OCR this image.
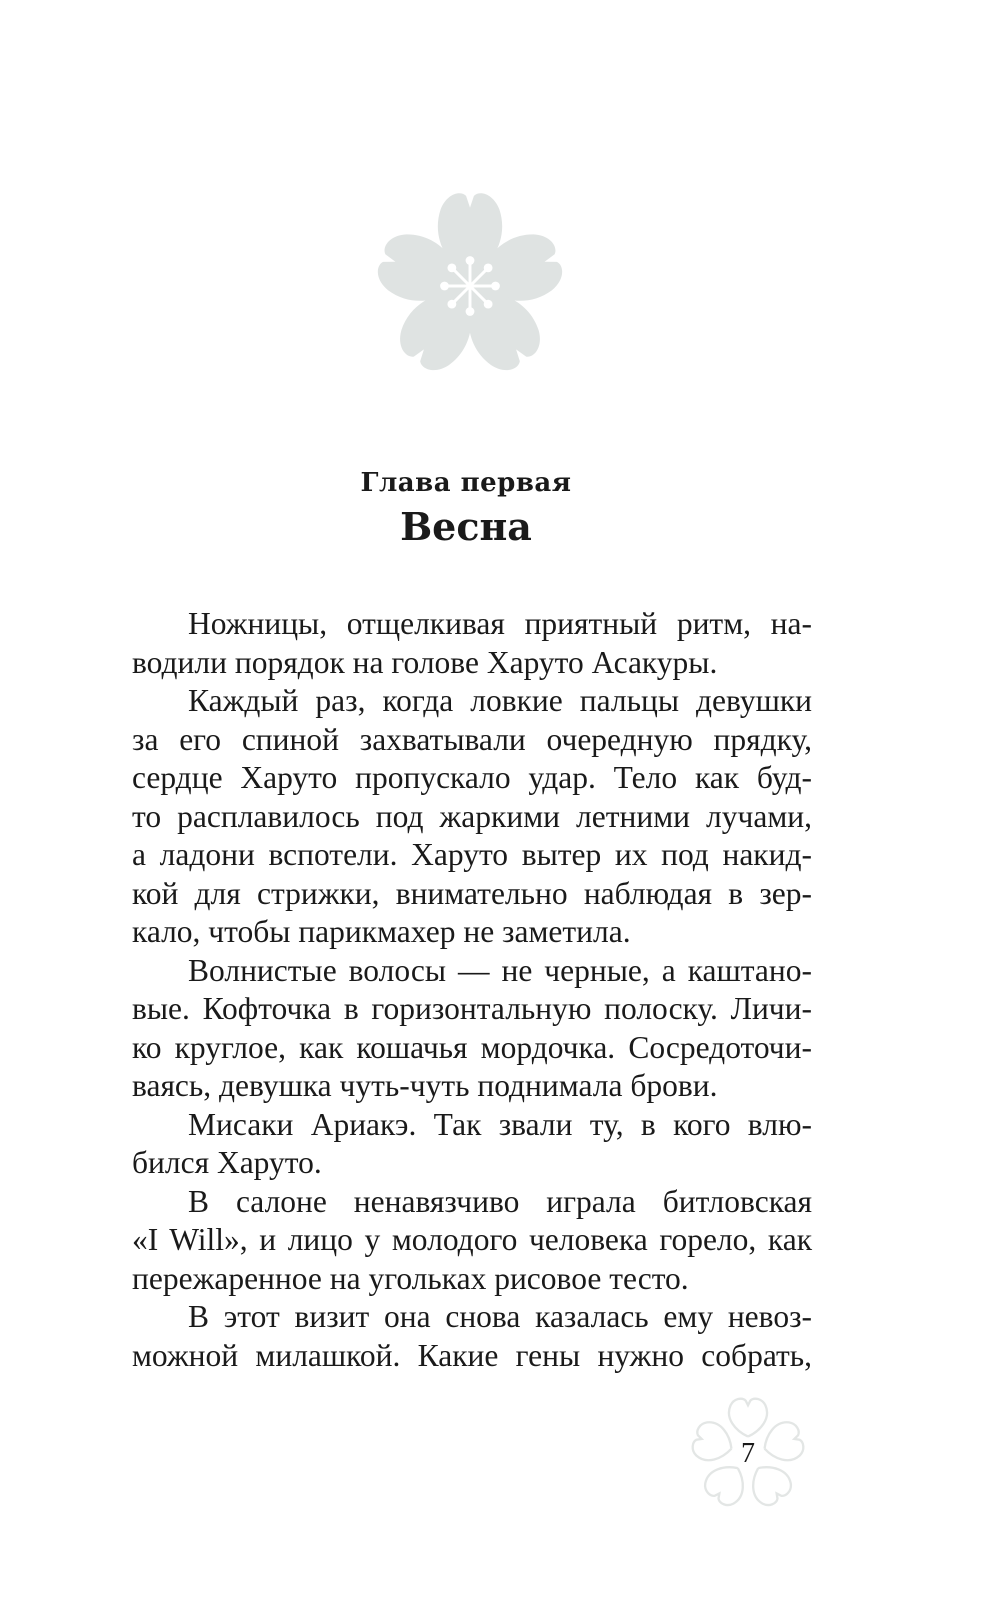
Глава первая
Весна
Ножницы, отщелкивая приятный ритм, на-
водили порядок на голове Харуто Асакуры.
Каждый раз, когда ловкие пальцы девушки
за его спиной захватывали очередную прядку,
сердце Харуто пропускало удар. Тело как буд-
то расплавилось под жаркими летними лучами,
а ладони вспотели. Харуто вытер их под накид-
кой для стрижки, внимательно наблюдая в зер-
кало, чтобы парикмахер не заметила.
Волнистые волосы — не черные, а каштано-
вые. Кофточка в горизонтальную полоску. Личи-
ко круглое, как кошачья мордочка. Сосредоточи-
ваясь, девушка чуть-чуть поднимала брови.
Мисаки Ариакэ. Так звали ту, в кого влю-
бился Харуто.
В салоне ненавязчиво играла битловская
«I Will», и лицо у молодого человека горело, как
пережаренное на угольках рисовое тесто.
В этот визит она снова казалась ему невоз-
можной милашкой. Какие гены нужно собрать,
7
